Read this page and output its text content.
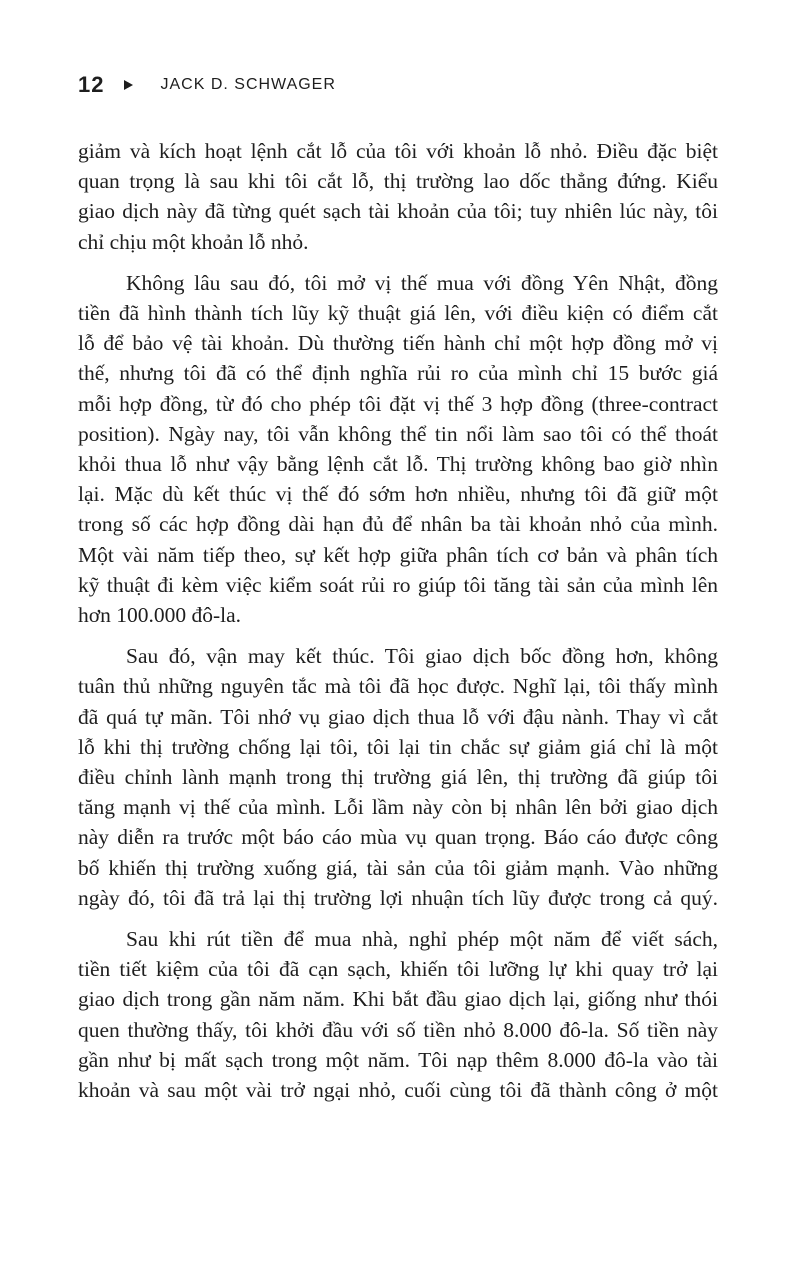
12	JACK D. SCHWAGER

giảm và kích hoạt lệnh cắt lỗ của tôi với khoản lỗ nhỏ. Điều đặc biệt
quan trọng là sau khi tôi cắt lỗ, thị trường lao dốc thẳng đứng. Kiểu
giao dịch này đã từng quét sạch tài khoản của tôi; tuy nhiên lúc này, tôi
chỉ chịu một khoản lỗ nhỏ.

Không lâu sau đó, tôi mở vị thế mua với đồng Yên Nhật, đồng
tiền đã hình thành tích lũy kỹ thuật giá lên, với điều kiện có điểm cắt
lỗ để bảo vệ tài khoản. Dù thường tiến hành chỉ một hợp đồng mở vị
thế, nhưng tôi đã có thể định nghĩa rủi ro của mình chỉ 15 bước giá
mỗi hợp đồng, từ đó cho phép tôi đặt vị thế 3 hợp đồng (three-contract
position). Ngày nay, tôi vẫn không thể tin nổi làm sao tôi có thể thoát
khỏi thua lỗ như vậy bằng lệnh cắt lỗ. Thị trường không bao giờ nhìn
lại. Mặc dù kết thúc vị thế đó sớm hơn nhiều, nhưng tôi đã giữ một
trong số các hợp đồng dài hạn đủ để nhân ba tài khoản nhỏ của mình.
Một vài năm tiếp theo, sự kết hợp giữa phân tích cơ bản và phân tích
kỹ thuật đi kèm việc kiểm soát rủi ro giúp tôi tăng tài sản của mình lên
hơn 100.000 đô-la.

Sau đó, vận may kết thúc. Tôi giao dịch bốc đồng hơn, không
tuân thủ những nguyên tắc mà tôi đã học được. Nghĩ lại, tôi thấy mình
đã quá tự mãn. Tôi nhớ vụ giao dịch thua lỗ với đậu nành. Thay vì cắt
lỗ khi thị trường chống lại tôi, tôi lại tin chắc sự giảm giá chỉ là một
điều chỉnh lành mạnh trong thị trường giá lên, thị trường đã giúp tôi
tăng mạnh vị thế của mình. Lỗi lầm này còn bị nhân lên bởi giao dịch
này diễn ra trước một báo cáo mùa vụ quan trọng. Báo cáo được công
bố khiến thị trường xuống giá, tài sản của tôi giảm mạnh. Vào những
ngày đó, tôi đã trả lại thị trường lợi nhuận tích lũy được trong cả quý.

Sau khi rút tiền để mua nhà, nghỉ phép một năm để viết sách,
tiền tiết kiệm của tôi đã cạn sạch, khiến tôi lưỡng lự khi quay trở lại
giao dịch trong gần năm năm. Khi bắt đầu giao dịch lại, giống như thói
quen thường thấy, tôi khởi đầu với số tiền nhỏ 8.000 đô-la. Số tiền này
gần như bị mất sạch trong một năm. Tôi nạp thêm 8.000 đô-la vào tài
khoản và sau một vài trở ngại nhỏ, cuối cùng tôi đã thành công ở một
